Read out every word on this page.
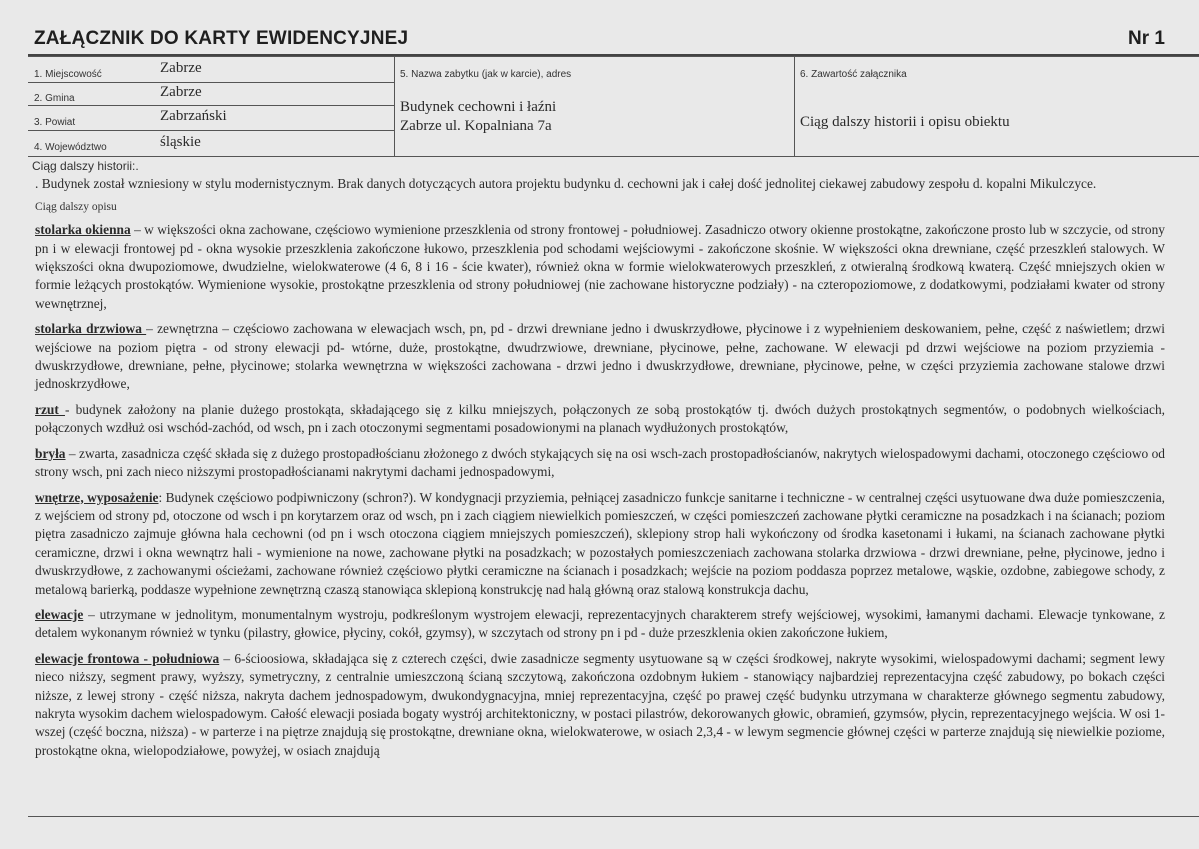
ZAŁĄCZNIK DO KARTY EWIDENCYJNEJ	Nr 1
1. Miejscowość	Zabrze
2. Gmina	Zabrze
3. Powiat	Zabrzański
4. Województwo	śląskie
5. Nazwa zabytku (jak w karcie), adres
Budynek cechowni i łaźni
Zabrze ul. Kopalniana 7a
6. Zawartość załącznika
Ciąg dalszy historii i opisu obiektu
Ciąg dalszy historii:.

. Budynek został wzniesiony w stylu modernistycznym. Brak danych dotyczących autora projektu budynku d. cechowni jak i całej dość jednolitej ciekawej zabudowy zespołu d. kopalni Mikulczyce.

Ciąg dalszy opisu

stolarka okienna – w większości okna zachowane, częściowo wymienione przeszklenia od strony frontowej - południowej. Zasadniczo otwory okienne prostokątne, zakończone prosto lub w szczycie, od strony pn i w elewacji frontowej pd - okna wysokie przeszklenia zakończone łukowo, przeszklenia pod schodami wejściowymi - zakończone skośnie. W większości okna drewniane, część przeszkleń stalowych. W większości okna dwupoziomowe, dwudzielne, wielokwaterowe (4 6, 8 i 16 - ście kwater), również okna w formie wielokwaterowych przeszkleń, z otwieralną środkową kwaterą. Część mniejszych okien w formie leżących prostokątów. Wymienione wysokie, prostokątne przeszklenia od strony południowej (nie zachowane historyczne podziały) - na czteropoziomowe, z dodatkowymi, podziałami kwater od strony wewnętrznej,

stolarka drzwiowa – zewnętrzna – częściowo zachowana w elewacjach wsch, pn, pd - drzwi drewniane jedno i dwuskrzydłowe, płycinowe i z wypełnieniem deskowaniem, pełne, część z naświetlem; drzwi wejściowe na poziom piętra - od strony elewacji pd- wtórne, duże, prostokątne, dwudrzwiowe, drewniane, płycinowe, pełne, zachowane. W elewacji pd drzwi wejściowe na poziom przyziemia - dwuskrzydłowe, drewniane, pełne, płycinowe; stolarka wewnętrzna w większości zachowana - drzwi jedno i dwuskrzydłowe, drewniane, płycinowe, pełne, w części przyziemia zachowane stalowe drzwi jednoskrzydłowe,

rzut - budynek założony na planie dużego prostokąta, składającego się z kilku mniejszych, połączonych ze sobą prostokątów tj. dwóch dużych prostokątnych segmentów, o podobnych wielkościach, połączonych wzdłuż osi wschód-zachód, od wsch, pn i zach otoczonymi segmentami posadowionymi na planach wydłużonych prostokątów,

bryła – zwarta, zasadnicza część składa się z dużego prostopadłościanu złożonego z dwóch stykających się na osi wsch-zach prostopadłościanów, nakrytych wielospadowymi dachami, otoczonego częściowo od strony wsch, pni zach nieco niższymi prostopadłościanami nakrytymi dachami jednospadowymi,

wnętrze, wyposażenie: Budynek częściowo podpiwniczony (schron?). W kondygnacji przyziemia, pełniącej zasadniczo funkcje sanitarne i techniczne - w centralnej części usytuowane dwa duże pomieszczenia, z wejściem od strony pd, otoczone od wsch i pn korytarzem oraz od wsch, pn i zach ciągiem niewielkich pomieszczeń, w części pomieszczeń zachowane płytki ceramiczne na posadzkach i na ścianach; poziom piętra zasadniczo zajmuje główna hala cechowni (od pn i wsch otoczona ciągiem mniejszych pomieszczeń), sklepiony strop hali wykończony od środka kasetonami i łukami, na ścianach zachowane płytki ceramiczne, drzwi i okna wewnątrz hali - wymienione na nowe, zachowane płytki na posadzkach; w pozostałych pomieszczeniach zachowana stolarka drzwiowa - drzwi drewniane, pełne, płycinowe, jedno i dwuskrzydłowe, z zachowanymi ościeżami, zachowane również częściowo płytki ceramiczne na ścianach i posadzkach; wejście na poziom poddasza poprzez metalowe, wąskie, ozdobne, zabiegowe schody, z metalową barierką, poddasze wypełnione zewnętrzną czaszą stanowiąca sklepioną konstrukcję nad halą główną oraz stalową konstrukcja dachu,

elewacje – utrzymane w jednolitym, monumentalnym wystroju, podkreślonym wystrojem elewacji, reprezentacyjnych charakterem strefy wejściowej, wysokimi, łamanymi dachami. Elewacje tynkowane, z detalem wykonanym również w tynku (pilastry, głowice, płyciny, cokół, gzymsy), w szczytach od strony pn i pd - duże przeszklenia okien zakończone łukiem,

elewacje frontowa - południowa – 6-ścioosiowa, składająca się z czterech części, dwie zasadnicze segmenty usytuowane są w części środkowej, nakryte wysokimi, wielospadowymi dachami; segment lewy nieco niższy, segment prawy, wyższy, symetryczny, z centralnie umieszczoną ścianą szczytową, zakończona ozdobnym łukiem - stanowiący najbardziej reprezentacyjna część zabudowy, po bokach części niższe, z lewej strony - część niższa, nakryta dachem jednospadowym, dwukondygnacyjna, mniej reprezentacyjna, część po prawej część budynku utrzymana w charakterze głównego segmentu zabudowy, nakryta wysokim dachem wielospadowym. Całość elewacji posiada bogaty wystrój architektoniczny, w postaci pilastrów, dekorowanych głowic, obramień, gzymsów, płycin, reprezentacyjnego wejścia. W osi 1-wszej (część boczna, niższa) - w parterze i na piętrze znajdują się prostokątne, drewniane okna, wielokwaterowe, w osiach 2,3,4 - w lewym segmencie głównej części w parterze znajdują się niewielkie poziome, prostokątne okna, wielopodziałowe, powyżej, w osiach znajdują
